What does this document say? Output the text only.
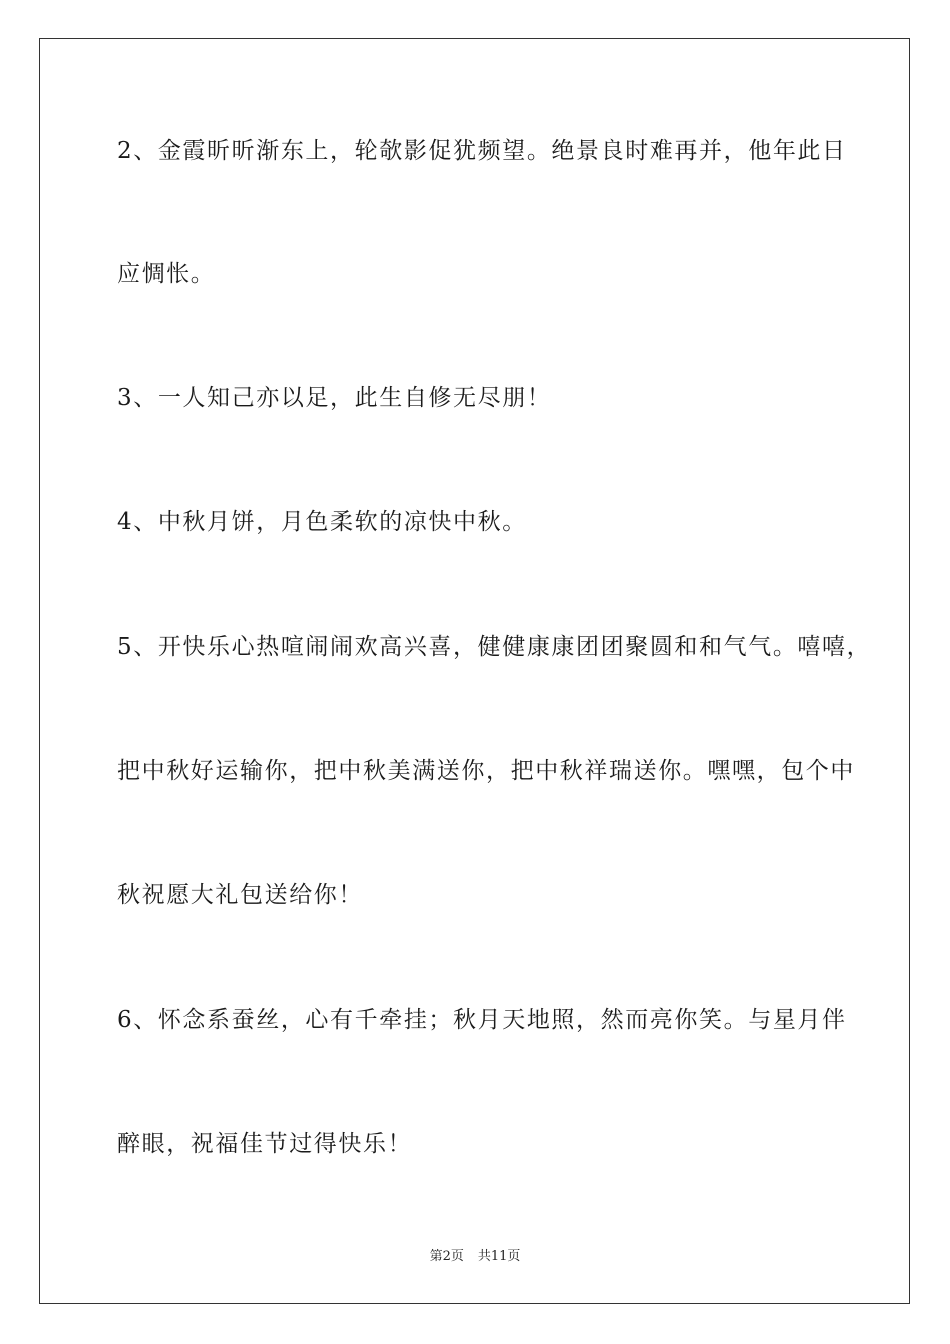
2、金霞昕昕渐东上，轮欹影促犹频望。绝景良时难再并，他年此日
应惆怅。
3、一人知己亦以足，此生自修无尽朋！
4、中秋月饼，月色柔软的凉快中秋。
5、开快乐心热喧闹闹欢高兴喜，健健康康团团聚圆和和气气。嘻嘻，
把中秋好运输你，把中秋美满送你，把中秋祥瑞送你。嘿嘿，包个中
秋祝愿大礼包送给你！
6、怀念系蚕丝，心有千牵挂；秋月天地照，然而亮你笑。与星月伴
醉眼，祝福佳节过得快乐！
第2页 共11页
